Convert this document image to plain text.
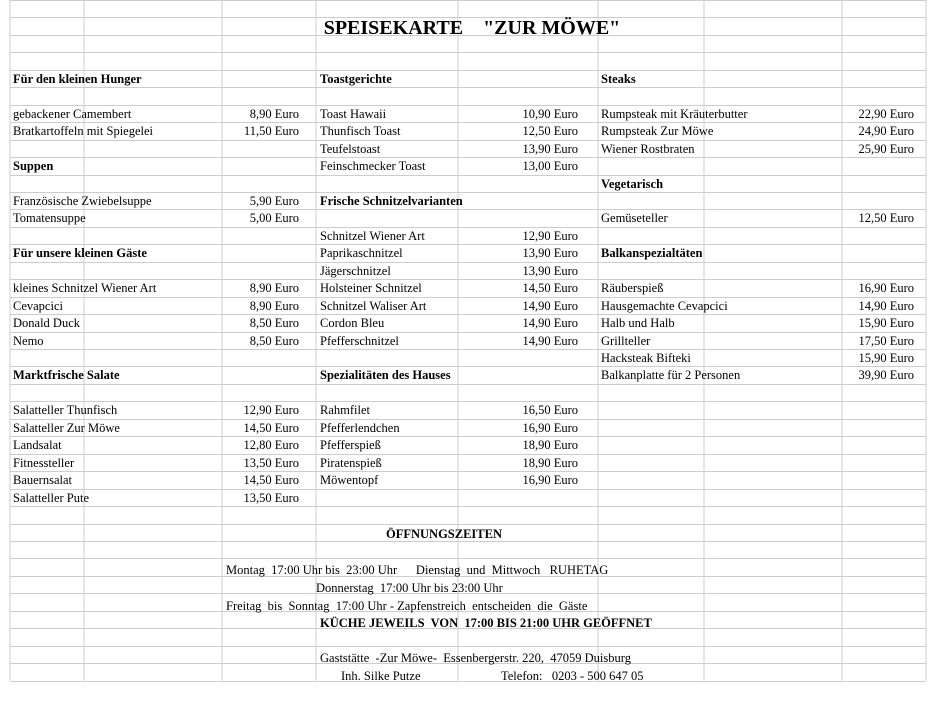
SPEISEKARTE    "ZUR MÖWE"
Für den kleinen Hunger
gebackener Camembert	8,90 Euro
Bratkartoffeln mit Spiegelei	11,50 Euro
Suppen
Französische Zwiebelsuppe	5,90 Euro
Tomatensuppe	5,00 Euro
Für unsere kleinen Gäste
kleines Schnitzel Wiener Art	8,90 Euro
Cevapcici	8,90 Euro
Donald Duck	8,50 Euro
Nemo	8,50 Euro
Marktfrische Salate
Salatteller Thunfisch	12,90 Euro
Salatteller Zur Möwe	14,50 Euro
Landsalat	12,80 Euro
Fitnessteller	13,50 Euro
Bauernsalat	14,50 Euro
Salatteller Pute	13,50 Euro
Toastgerichte
Toast Hawaii	10,90 Euro
Thunfisch Toast	12,50 Euro
Teufelstoast	13,90 Euro
Feinschmecker Toast	13,00 Euro
Frische Schnitzelvarianten
Schnitzel Wiener Art	12,90 Euro
Paprikaschnitzel	13,90 Euro
Jägerschnitzel	13,90 Euro
Holsteiner Schnitzel	14,50 Euro
Schnitzel Waliser Art	14,90 Euro
Cordon Bleu	14,90 Euro
Pfefferschnitzel	14,90 Euro
Spezialitäten des Hauses
Rahmfilet	16,50 Euro
Pfefferlendchen	16,90 Euro
Pfefferspieß	18,90 Euro
Piratenspieß	18,90 Euro
Möwentopf	16,90 Euro
Steaks
Rumpsteak mit Kräuterbutter	22,90 Euro
Rumpsteak Zur Möwe	24,90 Euro
Wiener Rostbraten	25,90 Euro
Vegetarisch
Gemüseteller	12,50 Euro
Balkanspezialtäten
Räuberspieß	16,90 Euro
Hausgemachte Cevapcici	14,90 Euro
Halb und Halb	15,90 Euro
Grillteller	17,50 Euro
Hacksteak Bifteki	15,90 Euro
Balkanplatte für 2 Personen	39,90 Euro
ÖFFNUNGSZEITEN
Montag  17:00 Uhr bis  23:00 Uhr      Dienstag  und  Mittwoch   RUHETAG
Donnerstag  17:00 Uhr bis 23:00 Uhr
Freitag  bis  Sonntag  17:00 Uhr - Zapfenstreich  entscheiden  die  Gäste
KÜCHE JEWEILS  VON  17:00 BIS 21:00 UHR GEÖFFNET
Gaststätte  -Zur Möwe-  Essenbergerstr. 220,  47059 Duisburg
Inh. Silke Putze	Telefon:   0203 - 500 647 05
